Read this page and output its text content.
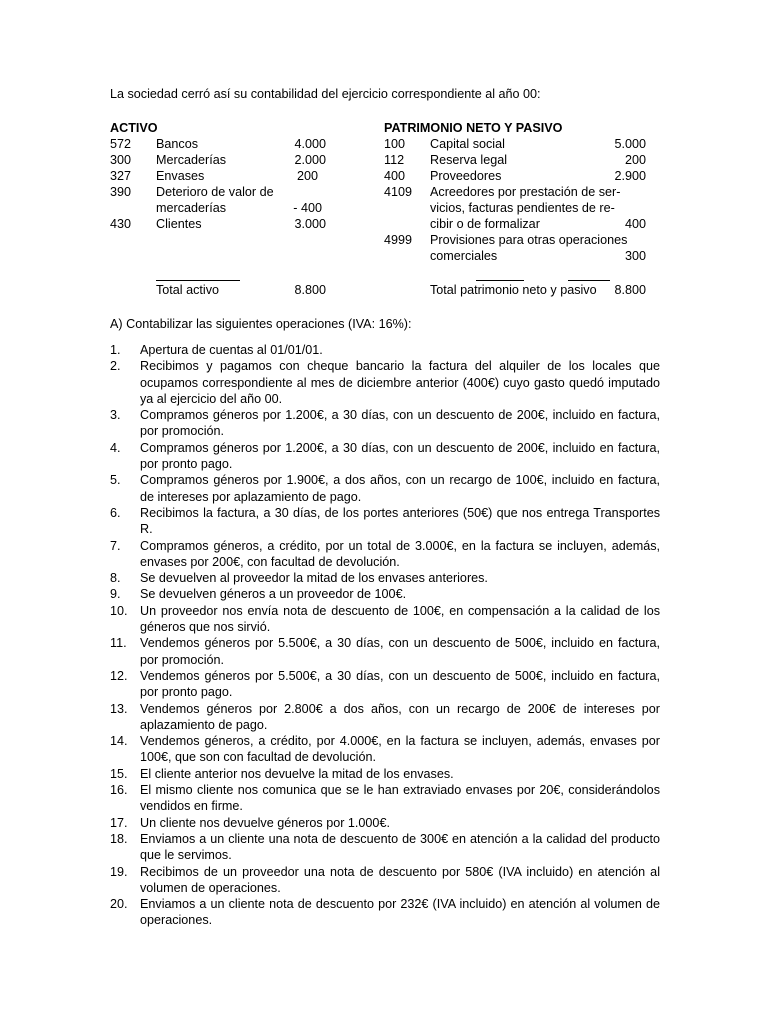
La sociedad cerró así su contabilidad del ejercicio correspondiente al año 00:
ACTIVO
572 Bancos	4.000
300 Mercaderías	2.000
327 Envases	200
390 Deterioro de valor de
mercaderías	- 400
430 Clientes	3.000
Total activo	8.800
PATRIMONIO NETO Y PASIVO
100 Capital social	5.000
112 Reserva legal	200
400 Proveedores	2.900
4109 Acreedores por prestación de ser-
vicios, facturas pendientes de re-
cibir o de formalizar	400
4999 Provisiones para otras operaciones
comerciales	300
Total patrimonio neto y pasivo	8.800
A) Contabilizar las siguientes operaciones (IVA: 16%):
1.	Apertura de cuentas al 01/01/01.
2.	Recibimos y pagamos con cheque bancario la factura del alquiler de los locales que ocupamos correspondiente al mes de diciembre anterior (400€) cuyo gasto quedó imputado ya al ejercicio del año 00.
3.	Compramos géneros por 1.200€, a 30 días, con un descuento de 200€, incluido en factura, por promoción.
4.	Compramos géneros por 1.200€, a 30 días, con un descuento de 200€, incluido en factura, por pronto pago.
5.	Compramos géneros por 1.900€, a dos años, con un recargo de 100€, incluido en factura, de intereses por aplazamiento de pago.
6.	Recibimos la factura, a 30 días, de los portes anteriores (50€) que nos entrega Transportes R.
7.	Compramos géneros, a crédito, por un total de 3.000€, en la factura se incluyen, además, envases por 200€, con facultad de devolución.
8.	Se devuelven al proveedor la mitad de los envases anteriores.
9.	Se devuelven géneros a un proveedor de 100€.
10. Un proveedor nos envía nota de descuento de 100€, en compensación a la calidad de los géneros que nos sirvió.
11.	Vendemos géneros por 5.500€, a 30 días, con un descuento de 500€, incluido en factura, por promoción.
12. Vendemos géneros por 5.500€, a 30 días, con un descuento de 500€, incluido en factura, por pronto pago.
13. Vendemos géneros por 2.800€ a dos años, con un recargo de 200€ de intereses por aplazamiento de pago.
14. Vendemos géneros, a crédito, por 4.000€, en la factura se incluyen, además, envases por 100€, que son con facultad de devolución.
15. El cliente anterior nos devuelve la mitad de los envases.
16. El mismo cliente nos comunica que se le han extraviado envases por 20€, considerándolos vendidos en firme.
17. Un cliente nos devuelve géneros por 1.000€.
18. Enviamos a un cliente una nota de descuento de 300€ en atención a la calidad del producto que le servimos.
19. Recibimos de un proveedor una nota de descuento por 580€ (IVA incluido) en atención al volumen de operaciones.
20. Enviamos a un cliente nota de descuento por 232€ (IVA incluido) en atención al volumen de operaciones.
